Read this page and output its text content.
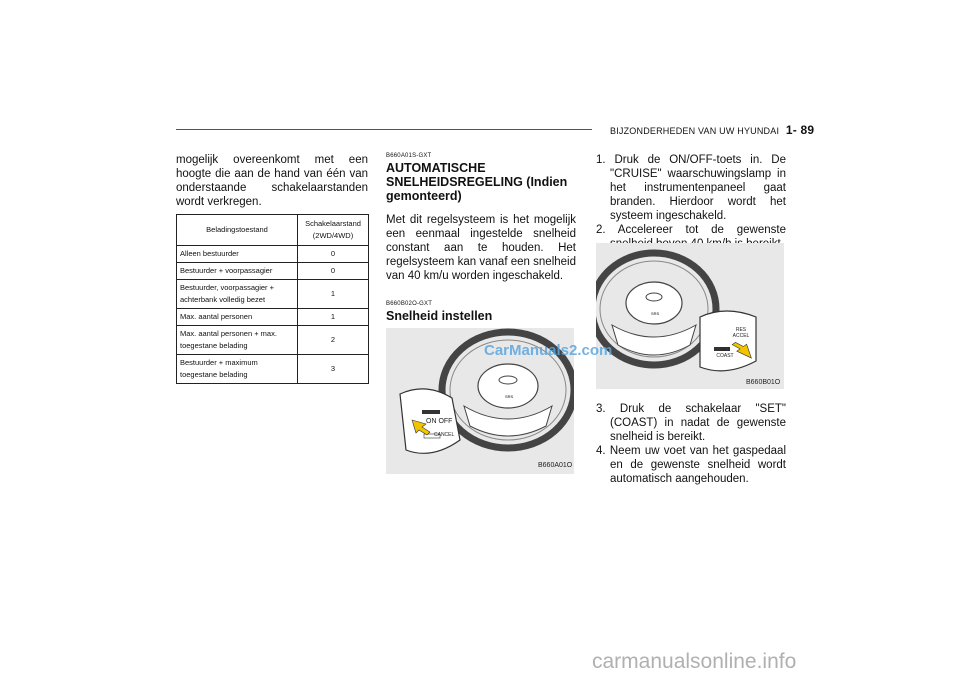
BIJZONDERHEDEN VAN UW HYUNDAI 1- 89

mogelijk overeenkomt met een hoogte die aan de hand van één van onderstaande schakelaarstanden wordt verkregen.

Beladingstoestand	Schakelaarstand (2WD/4WD)
Alleen bestuurder	0
Bestuurder + voorpassagier	0
Bestuurder, voorpassagier + achterbank volledig bezet	1
Max. aantal personen	1
Max. aantal personen + max. toegestane belading	2
Bestuurder + maximum toegestane belading	3

B660A01S-GXT

AUTOMATISCHE SNELHEIDSREGELING (Indien gemonteerd)

Met dit regelsysteem is het mogelijk een eenmaal ingestelde snelheid constant aan te houden. Het regelsysteem kan vanaf een snelheid van 40 km/u worden ingeschakeld.

B660B02O-GXT

Snelheid instellen

SRS
ON OFF
CANCEL
B660A01O
1. Druk de ON/OFF-toets in. De "CRUISE" waarschuwingslamp in het instrumentenpaneel gaat branden. Hierdoor wordt het systeem ingeschakeld.
2. Accelereer tot de gewenste
SRS
RES ACCEL
SET COAST
B660B01O
3. Druk de schakelaar "SET" (COAST) in nadat de gewenste snelheid is bereikt.
4. Neem uw voet van het gaspedaal en de gewenste snelheid wordt automatisch aangehouden.
CarManuals2.com
carmanualsonline.info
